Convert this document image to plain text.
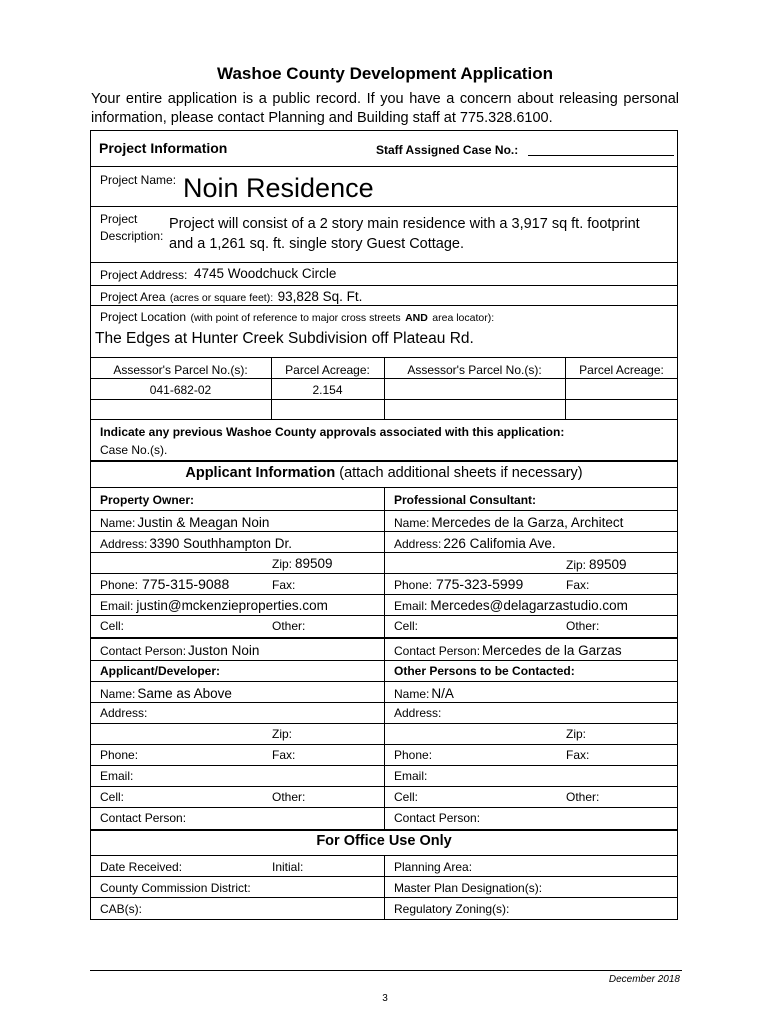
Washoe County Development Application
Your entire application is a public record. If you have a concern about releasing personal information, please contact Planning and Building staff at 775.328.6100.
Project Information	Staff Assigned Case No.:
Project Name: Noin Residence
Project
Description:
Project will consist of a 2 story main residence with a 3,917 sq ft. footprint
and a 1,261 sq. ft. single story Guest Cottage.
Project Address: 4745 Woodchuck Circle
Project Area (acres or square feet): 93,828 Sq. Ft.
Project Location (with point of reference to major cross streets AND area locator):
The Edges at Hunter Creek Subdivision off Plateau Rd.
Assessor's Parcel No.(s):	Parcel Acreage:	Assessor's Parcel No.(s):	Parcel Acreage:
041-682-02	2.154
Indicate any previous Washoe County approvals associated with this application:
Case No.(s).
Applicant Information (attach additional sheets if necessary)
Property Owner:	Professional Consultant:
Name: Justin & Meagan Noin	Name: Mercedes de la Garza, Architect
Address: 3390 Southhampton Dr.	Address: 226 Califomia Ave.
Zip: 89509	Zip: 89509
Phone: 775-315-9088	Fax:	Phone: 775-323-5999	Fax:
Email: justin@mckenzieproperties.com	Email: Mercedes@delagarzastudio.com
Cell:	Other:	Cell:	Other:
Contact Person: Juston Noin	Contact Person: Mercedes de la Garzas
Applicant/Developer:	Other Persons to be Contacted:
Name: Same as Above	Name: N/A
Address:	Address:
Zip:	Zip:
Phone:	Fax:	Phone:	Fax:
Email:	Email:
Cell:	Other:	Cell:	Other:
Contact Person:	Contact Person:
For Office Use Only
Date Received:	Initial:	Planning Area:
County Commission District:	Master Plan Designation(s):
CAB(s):	Regulatory Zoning(s):
December 2018
3
